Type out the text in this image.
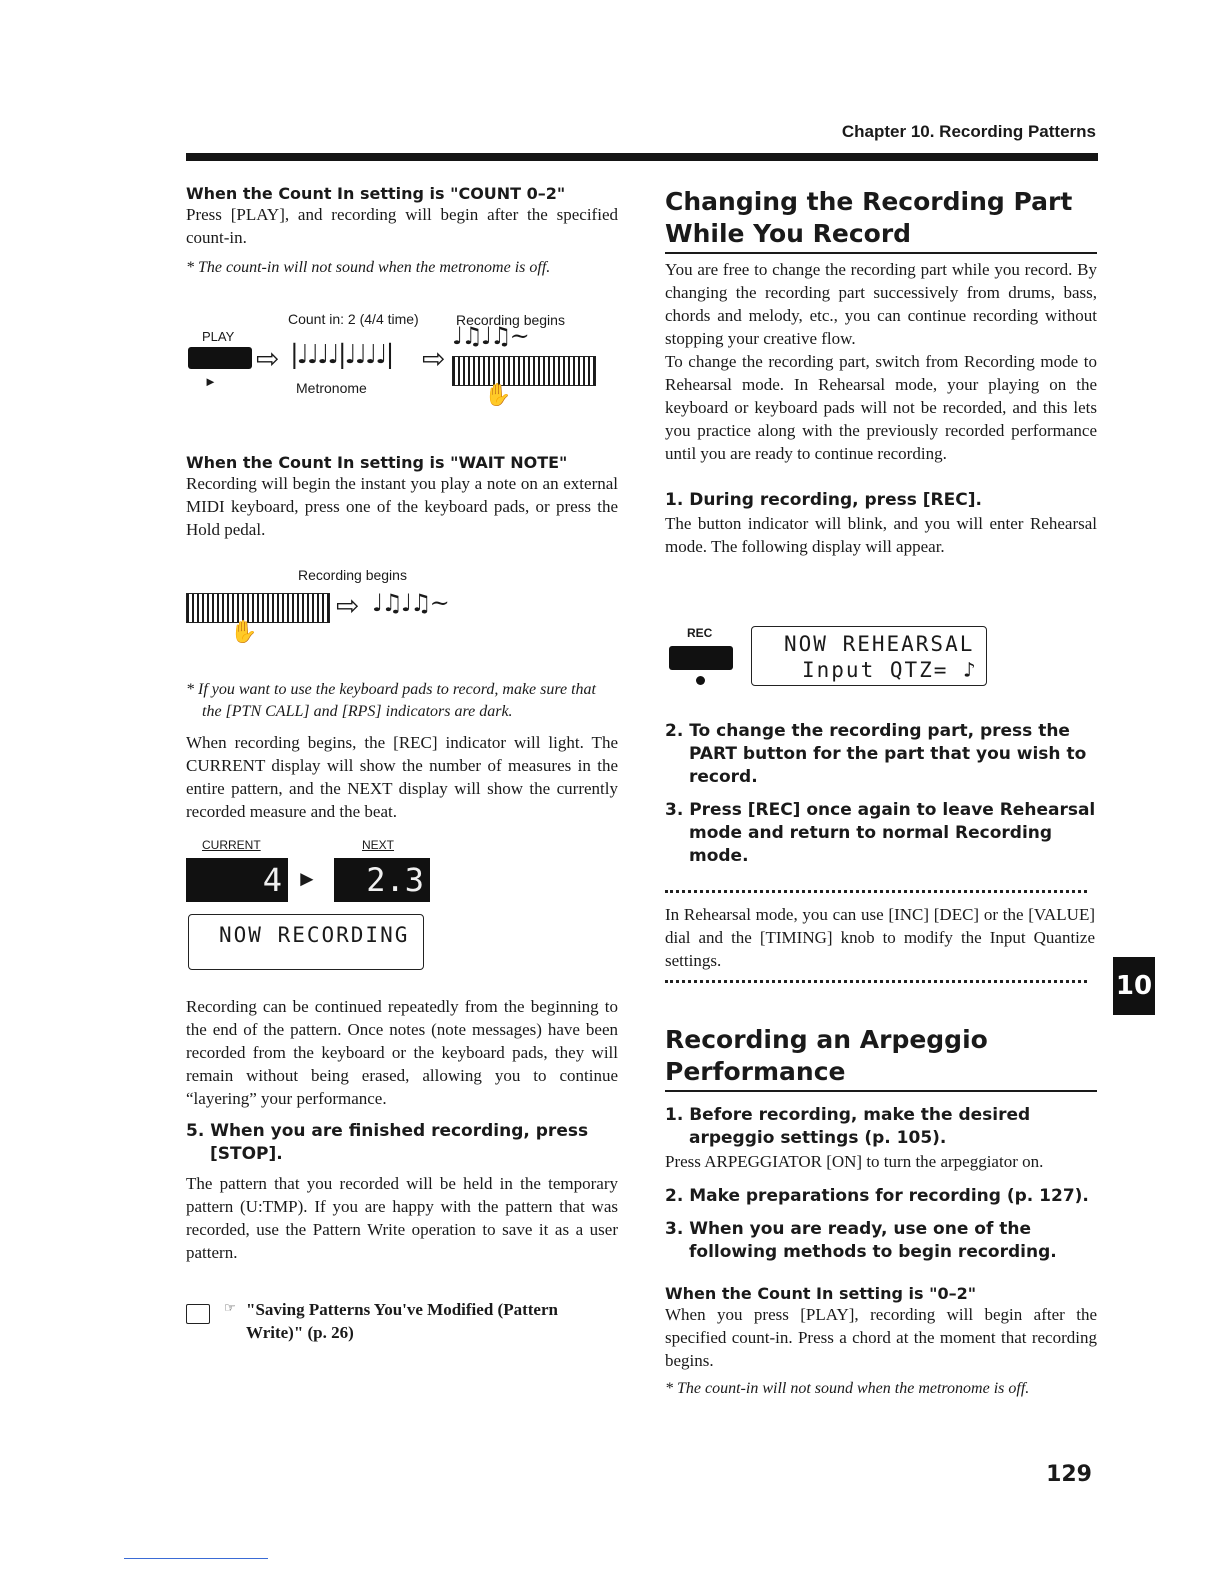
Chapter 10. Recording Patterns
When the Count In setting is "COUNT 0–2"

Press [PLAY], and recording will begin after the specified count-in.

* The count-in will not sound when the metronome is off.

Count in: 2 (4/4 time)	Recording begins
PLAY
►
⇨ |♩♩♩♩|♩♩♩♩| ⇨
♩♫♩♫~
✋
Metronome
When the Count In setting is "WAIT NOTE"

Recording will begin the instant you play a note on an external MIDI keyboard, press one of the keyboard pads, or press the Hold pedal.

Recording begins
✋
⇨ ♩♫♩♫~

* If you want to use the keyboard pads to record, make sure that the [PTN CALL] and [RPS] indicators are dark.

When recording begins, the [REC] indicator will light. The CURRENT display will show the number of measures in the entire pattern, and the NEXT display will show the currently recorded measure and the beat.

CURRENT	NEXT
4 ►	2.3
NOW RECORDING

Recording can be continued repeatedly from the beginning to the end of the pattern. Once notes (note messages) have been recorded from the keyboard or the keyboard pads, they will remain without being erased, allowing you to continue “layering” your performance.

5. When you are finished recording, press [STOP].

The pattern that you recorded will be held in the temporary pattern (U:TMP). If you are happy with the pattern that was recorded, use the Pattern Write operation to save it as a user pattern.

☞ "Saving Patterns You've Modified (Pattern Write)" (p. 26)
Changing the Recording Part While You Record

You are free to change the recording part while you record. By changing the recording part successively from drums, bass, chords and melody, etc., you can continue recording without stopping your creative flow.

To change the recording part, switch from Recording mode to Rehearsal mode. In Rehearsal mode, your playing on the keyboard or keyboard pads will not be recorded, and this lets you practice along with the previously recorded performance until you are ready to continue recording.

1. During recording, press [REC].

The button indicator will blink, and you will enter Rehearsal mode. The following display will appear.

REC	NOW REHEARSAL
Input QTZ= ♪

2. To change the recording part, press the PART button for the part that you wish to record.

3. Press [REC] once again to leave Rehearsal mode and return to normal Recording mode.

In Rehearsal mode, you can use [INC] [DEC] or the [VALUE] dial and the [TIMING] knob to modify the Input Quantize settings.

Recording an Arpeggio Performance

1. Before recording, make the desired arpeggio settings (p. 105).

Press ARPEGGIATOR [ON] to turn the arpeggiator on.

2. Make preparations for recording (p. 127).

3. When you are ready, use one of the following methods to begin recording.

When the Count In setting is "0–2"

When you press [PLAY], recording will begin after the specified count-in. Press a chord at the moment that recording begins.

* The count-in will not sound when the metronome is off.

10
129
